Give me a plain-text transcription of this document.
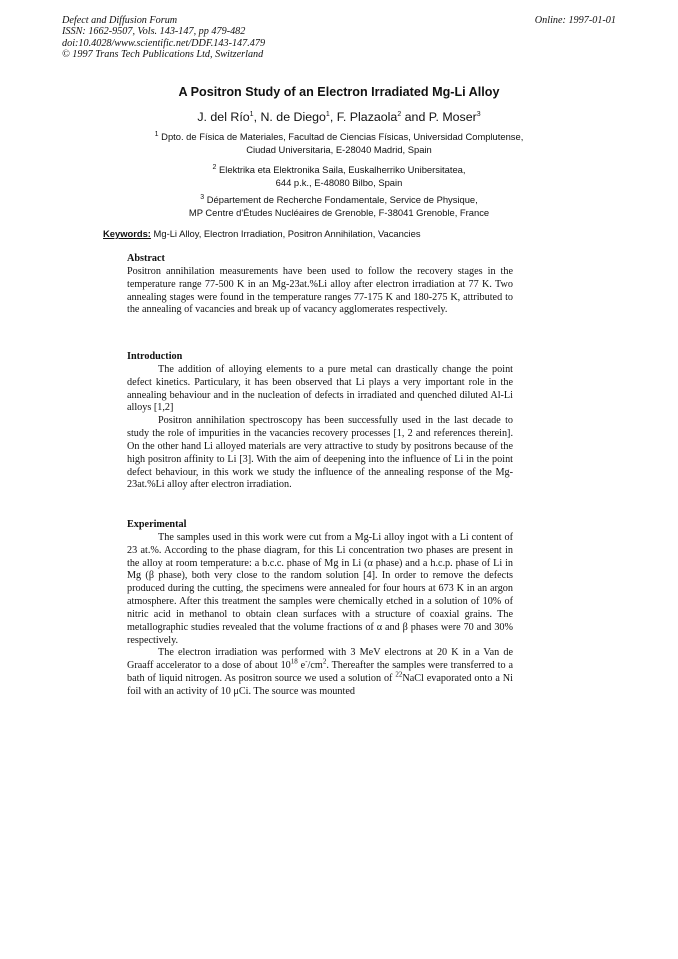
Defect and Diffusion Forum
ISSN: 1662-9507, Vols. 143-147, pp 479-482
doi:10.4028/www.scientific.net/DDF.143-147.479
© 1997 Trans Tech Publications Ltd, Switzerland
Online: 1997-01-01
A Positron Study of an Electron Irradiated Mg-Li Alloy
J. del Río$^1$, N. de Diego$^1$, F. Plazaola$^2$ and P. Moser$^3$
$^1$ Dpto. de Física de Materiales, Facultad de Ciencias Físicas, Universidad Complutense,
Ciudad Universitaria, E-28040 Madrid, Spain
$^2$ Elektrika eta Elektronika Saila, Euskalherriko Unibersitatea,
644 p.k., E-48080 Bilbo, Spain
$^3$ Département de Recherche Fondamentale, Service de Physique,
MP Centre d'Études Nucléaires de Grenoble, F-38041 Grenoble, France
Keywords: Mg-Li Alloy, Electron Irradiation, Positron Annihilation, Vacancies
Abstract
Positron annihilation measurements have been used to follow the recovery stages in the temperature range 77-500 K in an Mg-23at.%Li alloy after electron irradiation at 77 K. Two annealing stages were found in the temperature ranges 77-175 K and 180-275 K, attributed to the annealing of vacancies and break up of vacancy agglomerates respectively.
Introduction
The addition of alloying elements to a pure metal can drastically change the point defect kinetics. Particulary, it has been observed that Li plays a very important role in the annealing behaviour and in the nucleation of defects in irradiated and quenched diluted Al-Li alloys [1,2]
Positron annihilation spectroscopy has been successfully used in the last decade to study the role of impurities in the vacancies recovery processes [1, 2 and references therein]. On the other hand Li alloyed materials are very attractive to study by positrons because of the high positron affinity to Li [3]. With the aim of deepening into the influence of Li in the point defect behaviour, in this work we study the influence of the annealing response of the Mg-23at.%Li alloy after electron irradiation.
Experimental
The samples used in this work were cut from a Mg-Li alloy ingot with a Li content of 23 at.%. According to the phase diagram, for this Li concentration two phases are present in the alloy at room temperature: a b.c.c. phase of Mg in Li (α phase) and a h.c.p. phase of Li in Mg (β phase), both very close to the random solution [4]. In order to remove the defects produced during the cutting, the specimens were annealed for four hours at 673 K in an argon atmosphere. After this treatment the samples were chemically etched in a solution of 10% of nitric acid in methanol to obtain clean surfaces with a structure of coaxial grains. The metallographic studies revealed that the volume fractions of α and β phases were 70 and 30% respectively.
The electron irradiation was performed with 3 MeV electrons at 20 K in a Van de Graaff accelerator to a dose of about $10^{18}$ $e^-/cm^2$. Thereafter the samples were transferred to a bath of liquid nitrogen. As positron source we used a solution of $^{22}$NaCl evaporated onto a Ni foil with an activity of 10 μCi. The source was mounted
